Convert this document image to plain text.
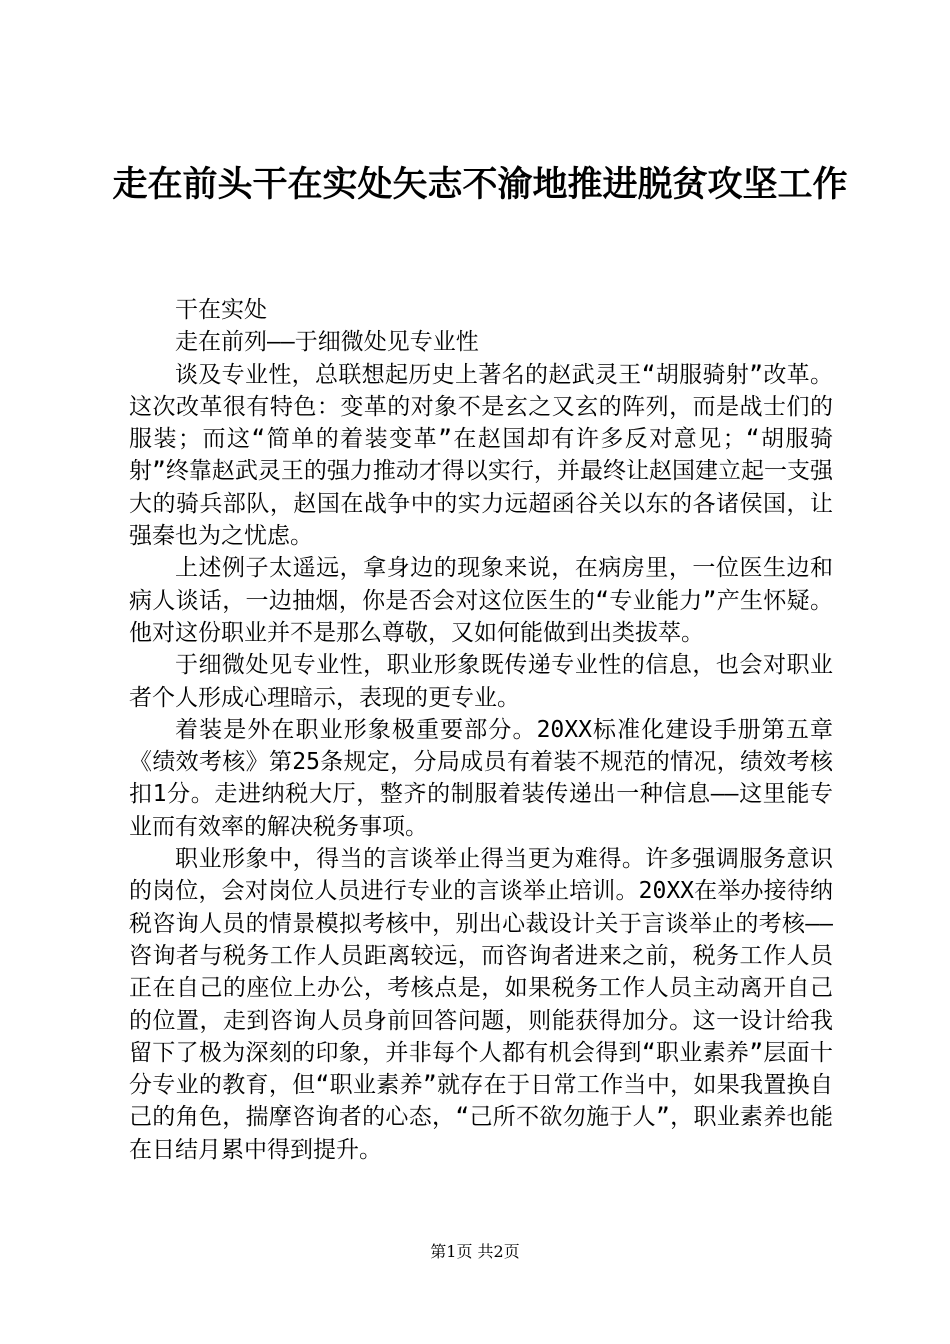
走在前头干在实处矢志不渝地推进脱贫攻坚工作

干在实处

走在前列——于细微处见专业性

谈及专业性，总联想起历史上著名的赵武灵王“胡服骑射”改革。这次改革很有特色：变革的对象不是玄之又玄的阵列，而是战士们的服装；而这“简单的着装变革”在赵国却有许多反对意见；“胡服骑射”终靠赵武灵王的强力推动才得以实行，并最终让赵国建立起一支强大的骑兵部队，赵国在战争中的实力远超函谷关以东的各诸侯国，让强秦也为之忧虑。

上述例子太遥远，拿身边的现象来说，在病房里，一位医生边和病人谈话，一边抽烟，你是否会对这位医生的“专业能力”产生怀疑。他对这份职业并不是那么尊敬，又如何能做到出类拔萃。

于细微处见专业性，职业形象既传递专业性的信息，也会对职业者个人形成心理暗示，表现的更专业。

着装是外在职业形象极重要部分。20XX标准化建设手册第五章《绩效考核》第25条规定，分局成员有着装不规范的情况，绩效考核扣1分。走进纳税大厅，整齐的制服着装传递出一种信息——这里能专业而有效率的解决税务事项。

职业形象中，得当的言谈举止得当更为难得。许多强调服务意识的岗位，会对岗位人员进行专业的言谈举止培训。20XX在举办接待纳税咨询人员的情景模拟考核中，别出心裁设计关于言谈举止的考核——咨询者与税务工作人员距离较远，而咨询者进来之前，税务工作人员正在自己的座位上办公，考核点是，如果税务工作人员主动离开自己的位置，走到咨询人员身前回答问题，则能获得加分。这一设计给我留下了极为深刻的印象，并非每个人都有机会得到“职业素养”层面十分专业的教育，但“职业素养”就存在于日常工作当中，如果我置换自己的角色，揣摩咨询者的心态，“己所不欲勿施于人”，职业素养也能在日结月累中得到提升。

第1页 共2页
